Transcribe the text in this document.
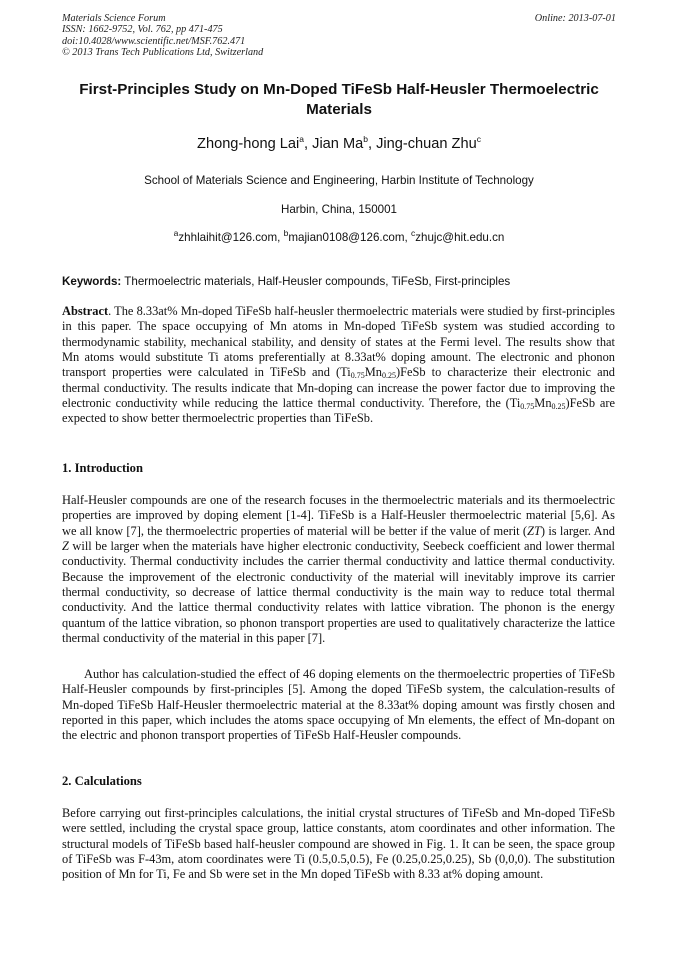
Materials Science Forum
ISSN: 1662-9752, Vol. 762, pp 471-475
doi:10.4028/www.scientific.net/MSF.762.471
© 2013 Trans Tech Publications Ltd, Switzerland
Online: 2013-07-01
First-Principles Study on Mn-Doped TiFeSb Half-Heusler Thermoelectric Materials
Zhong-hong Lai$^a$, Jian Ma$^b$, Jing-chuan Zhu$^c$
School of Materials Science and Engineering, Harbin Institute of Technology
Harbin, China, 150001
$^a$zhhlaihit@126.com, $^b$majian0108@126.com, $^c$zhujc@hit.edu.cn
Keywords: Thermoelectric materials, Half-Heusler compounds, TiFeSb, First-principles

Abstract. The 8.33at% Mn-doped TiFeSb half-heusler thermoelectric materials were studied by first-principles in this paper. The space occupying of Mn atoms in Mn-doped TiFeSb system was studied according to thermodynamic stability, mechanical stability, and density of states at the Fermi level. The results show that Mn atoms would substitute Ti atoms preferentially at 8.33at% doping amount. The electronic and phonon transport properties were calculated in TiFeSb and $(Ti_{0.75}Mn_{0.25})FeSb$ to characterize their electronic and thermal conductivity. The results indicate that Mn-doping can increase the power factor due to improving the electronic conductivity while reducing the lattice thermal conductivity. Therefore, the $(Ti_{0.75}Mn_{0.25})FeSb$ are expected to show better thermoelectric properties than TiFeSb.

1. Introduction

Half-Heusler compounds are one of the research focuses in the thermoelectric materials and its thermoelectric properties are improved by doping element [1-4]. TiFeSb is a Half-Heusler thermoelectric material [5,6]. As we all know [7], the thermoelectric properties of material will be better if the value of merit (ZT) is larger. And Z will be larger when the materials have higher electronic conductivity, Seebeck coefficient and lower thermal conductivity. Thermal conductivity includes the carrier thermal conductivity and lattice thermal conductivity. Because the improvement of the electronic conductivity of the material will inevitably improve its carrier thermal conductivity, so decrease of lattice thermal conductivity is the main way to reduce total thermal conductivity. And the lattice thermal conductivity relates with lattice vibration. The phonon is the energy quantum of the lattice vibration, so phonon transport properties are used to qualitatively characterize the lattice thermal conductivity of the material in this paper [7].

Author has calculation-studied the effect of 46 doping elements on the thermoelectric properties of TiFeSb Half-Heusler compounds by first-principles [5]. Among the doped TiFeSb system, the calculation-results of Mn-doped TiFeSb Half-Heusler thermoelectric material at the 8.33at% doping amount was firstly chosen and reported in this paper, which includes the atoms space occupying of Mn elements, the effect of Mn-dopant on the electric and phonon transport properties of TiFeSb Half-Heusler compounds.

2. Calculations

Before carrying out first-principles calculations, the initial crystal structures of TiFeSb and Mn-doped TiFeSb were settled, including the crystal space group, lattice constants, atom coordinates and other information. The structural models of TiFeSb based half-heusler compound are showed in Fig. 1. It can be seen, the space group of TiFeSb was F-43m, atom coordinates were Ti (0.5,0.5,0.5), Fe (0.25,0.25,0.25), Sb (0,0,0). The substitution position of Mn for Ti, Fe and Sb were set in the Mn doped TiFeSb with 8.33 at% doping amount.
